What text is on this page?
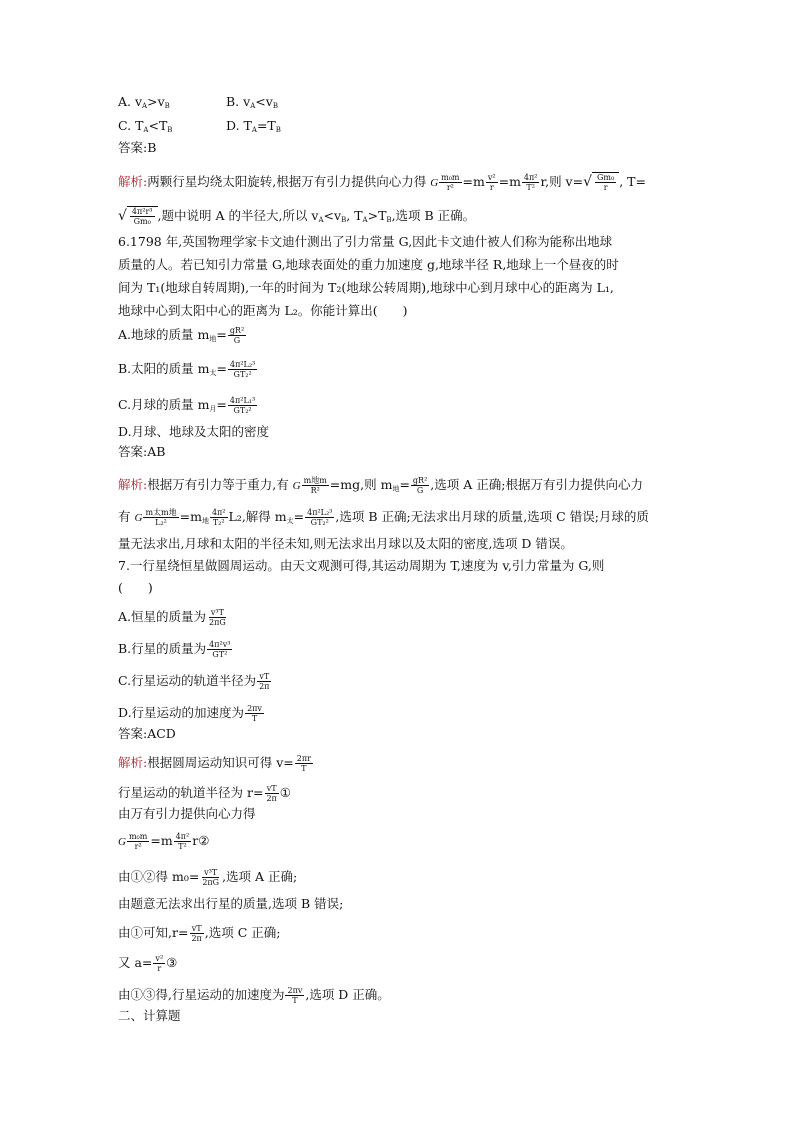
A. $v_A>v_B$	B. $v_A<v_B$
C. $T_A<T_B$	D. $T_A=T_B$
答案:B
解析:两颗行星均绕太阳旋转,根据万有引力提供向心力得 G $\frac{\text{m₀m}}{\text{r²}} =m \frac{\text{v²}}{r} =m \frac{\text{4π²}}{\text{T²}} r$,则 $v=√ \frac{\text{Gm₀}}{r}$ , T=
√ $\frac{\text{4π²r³}}{\text{Gm₀}}$ ,题中说明 A 的半径大,所以 $v_A<v_B$, $T_A>T_B$,选项 B 正确。
6.1798 年,英国物理学家卡文迪什测出了引力常量 G,因此卡文迪什被人们称为能称出地球
质量的人。若已知引力常量 G,地球表面处的重力加速度 g,地球半径 R,地球上一个昼夜的时
间为 T₁(地球自转周期),一年的时间为 T₂(地球公转周期),地球中心到月球中心的距离为 L₁,
地球中心到太阳中心的距离为 L₂。你能计算出(　　)
A.地球的质量 $m_地= \frac{\text{gR²}}{G}$
B.太阳的质量 $m_太= \frac{\text{4π²L₂³}}{\text{GT₂²}}$
C.月球的质量 $m_月= \frac{\text{4π²L₁³}}{\text{GT₂²}}$
D.月球、地球及太阳的密度
答案:AB
解析:根据万有引力等于重力,有 G $\frac{\text{m地m}}{\text{R²}} =mg$,则 $m_地= \frac{\text{gR²}}{G}$ ,选项 A 正确;根据万有引力提供向心力
有 G $\frac{\text{m太m地}}{\text{L₂²}} =m_地 \frac{\text{4π²}}{\text{T₂²}} L_2$,解得 $m_太= \frac{\text{4π²L₂³}}{\text{GT₂²}}$ ,选项 B 正确;无法求出月球的质量,选项 C 错误;月球的质
量无法求出,月球和太阳的半径未知,则无法求出月球以及太阳的密度,选项 D 错误。
7.一行星绕恒星做圆周运动。由天文观测可得,其运动周期为 T,速度为 v,引力常量为 G,则
(　　)
A.恒星的质量为 $\frac{\text{v³T}}{2\pi G}$
B.行星的质量为 $\frac{\text{4π²v³}}{\text{GT²}}$
C.行星运动的轨道半径为 $\frac{vT}{2\pi}$
D.行星运动的加速度为 $\frac{2\pi v}{T}$
答案:ACD
解析:根据圆周运动知识可得 $v= \frac{2\pi r}{T}$
行星运动的轨道半径为 $r= \frac{vT}{2\pi}$ ①
由万有引力提供向心力得
G $\frac{\text{m₀m}}{\text{r²}} =m \frac{\text{4π²}}{\text{T²}}$ r②
由①②得 $m_0= \frac{\text{v³T}}{2\pi G}$ ,选项 A 正确;
由题意无法求出行星的质量,选项 B 错误;
由①可知$,r= \frac{vT}{2\pi}$ ,选项 C 正确;
又 $a= \frac{\text{v²}}{r}$ ③
由①③得,行星运动的加速度为 $\frac{2\pi v}{T}$ ,选项 D 正确。
二、计算题
